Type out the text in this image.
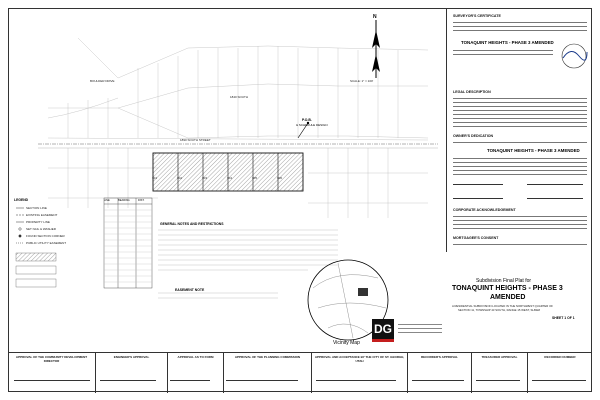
301	302	303	304	305	306
1890 SOUTH STREET
1840 SOUTH
BOULDER DRIVE
P.O.B.
& SCHEDULE DESIGN
SCALE: 1" = 100'
N
LINE	BEARING	DIST.
GENERAL NOTES AND RESTRICTIONS
EASEMENT NOTE
Vicinity Map
LEGEND
SECTION LINE
EXISTING EASEMENT
PROPERTY LINE
SET NAIL & WASHER
FOUND SECTION CORNER
PUBLIC UTILITY EASEMENT
SURVEYOR'S CERTIFICATE
TONAQUINT HEIGHTS - PHASE 3 AMENDED
LEGAL DESCRIPTION
OWNER'S DEDICATION
TONAQUINT HEIGHTS - PHASE 3 AMENDED
CORPORATE ACKNOWLEDGEMENT
MORTGAGEE'S CONSENT
Subdivision Final Plat for
TONAQUINT HEIGHTS - PHASE 3
AMENDED
A RESIDENTIAL SUBDIVISION LOCATED IN THE NORTHWEST QUARTER OF
SECTION 11, TOWNSHIP 43 SOUTH, RANGE 15 WEST, SLB&M
SHEET 1 OF 1
DG
APPROVAL OF THE COMMUNITY DEVELOPMENT DIRECTOR
ENGINEER'S APPROVAL	APPROVAL AS TO FORM	APPROVAL OF THE PLANNING COMMISSION	APPROVAL AND ACCEPTANCE BY THE CITY OF ST. GEORGE, UTAH
RECORDER'S APPROVAL	TREASURER APPROVAL	RECORDED NUMBER
